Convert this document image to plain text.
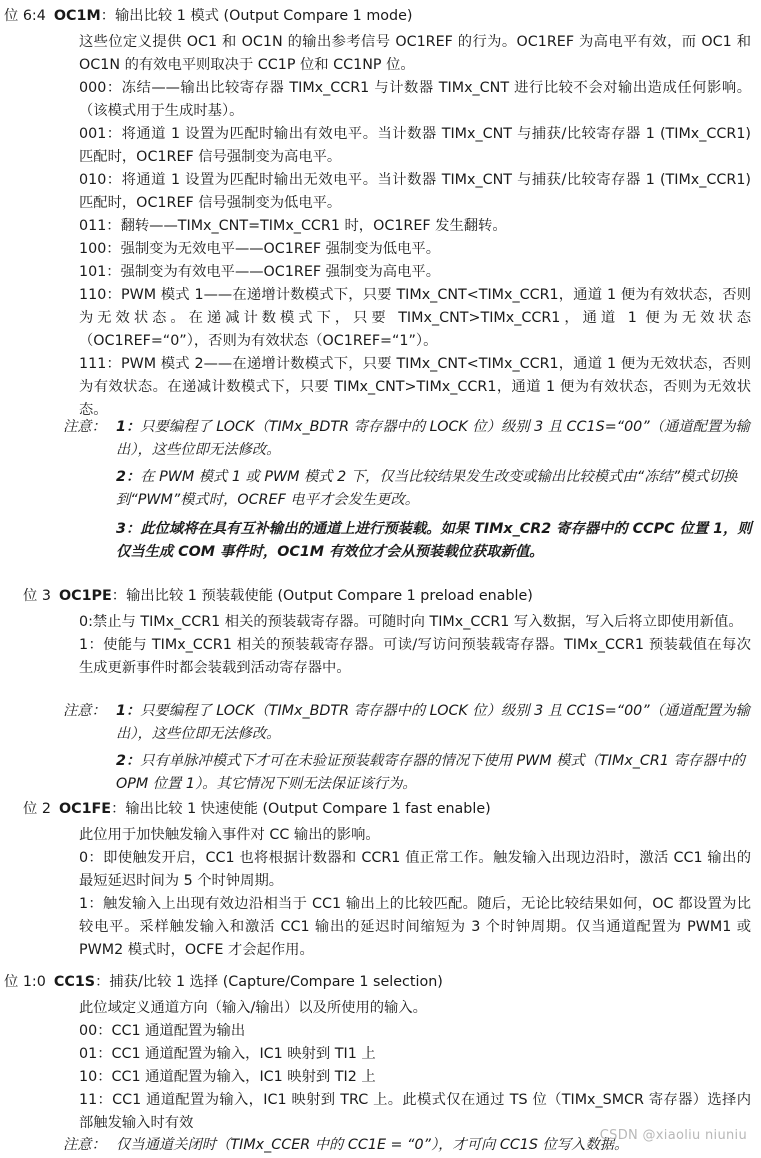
位 6:4 OC1M：输出比较 1 模式 (Output Compare 1 mode)

这些位定义提供 OC1 和 OC1N 的输出参考信号 OC1REF 的行为。OC1REF 为高电平有效，而 OC1 和 OC1N 的有效电平则取决于 CC1P 位和 CC1NP 位。

000：冻结——输出比较寄存器 TIMx_CCR1 与计数器 TIMx_CNT 进行比较不会对输出造成任何影响。（该模式用于生成时基）。

001：将通道 1 设置为匹配时输出有效电平。当计数器 TIMx_CNT 与捕获/比较寄存器 1 (TIMx_CCR1) 匹配时，OC1REF 信号强制变为高电平。

010：将通道 1 设置为匹配时输出无效电平。当计数器 TIMx_CNT 与捕获/比较寄存器 1 (TIMx_CCR1) 匹配时，OC1REF 信号强制变为低电平。

011：翻转——TIMx_CNT=TIMx_CCR1 时，OC1REF 发生翻转。

100：强制变为无效电平——OC1REF 强制变为低电平。

101：强制变为有效电平——OC1REF 强制变为高电平。

110：PWM 模式 1——在递增计数模式下，只要 TIMx_CNT<TIMx_CCR1，通道 1 便为有效状态，否则为无效状态。在递减计数模式下，只要 TIMx_CNT>TIMx_CCR1，通道 1 便为无效状态（OC1REF=“0”），否则为有效状态（OC1REF=“1”）。

111：PWM 模式 2——在递增计数模式下，只要 TIMx_CNT<TIMx_CCR1，通道 1 便为无效状态，否则为有效状态。在递减计数模式下，只要 TIMx_CNT>TIMx_CCR1，通道 1 便为有效状态，否则为无效状态。

注意： 1：只要编程了 LOCK（TIMx_BDTR 寄存器中的 LOCK 位）级别 3 且 CC1S=“00”（通道配置为输出），这些位即无法修改。
2：在 PWM 模式 1 或 PWM 模式 2 下，仅当比较结果发生改变或输出比较模式由“冻结”模式切换到“PWM”模式时，OCREF 电平才会发生更改。
3：此位域将在具有互补输出的通道上进行预装载。如果 TIMx_CR2 寄存器中的 CCPC 位置 1，则仅当生成 COM 事件时，OC1M 有效位才会从预装载位获取新值。
位 3 OC1PE：输出比较 1 预装载使能 (Output Compare 1 preload enable)

0:禁止与 TIMx_CCR1 相关的预装载寄存器。可随时向 TIMx_CCR1 写入数据，写入后将立即使用新值。

1：使能与 TIMx_CCR1 相关的预装载寄存器。可读/写访问预装载寄存器。TIMx_CCR1 预装载值在每次生成更新事件时都会装载到活动寄存器中。

注意： 1：只要编程了 LOCK（TIMx_BDTR 寄存器中的 LOCK 位）级别 3 且 CC1S=“00”（通道配置为输出），这些位即无法修改。
2：只有单脉冲模式下才可在未验证预装载寄存器的情况下使用 PWM 模式（TIMx_CR1 寄存器中的 OPM 位置 1）。其它情况下则无法保证该行为。
位 2 OC1FE：输出比较 1 快速使能 (Output Compare 1 fast enable)

此位用于加快触发输入事件对 CC 输出的影响。

0：即使触发开启，CC1 也将根据计数器和 CCR1 值正常工作。触发输入出现边沿时，激活 CC1 输出的最短延迟时间为 5 个时钟周期。

1：触发输入上出现有效边沿相当于 CC1 输出上的比较匹配。随后，无论比较结果如何，OC 都设置为比较电平。采样触发输入和激活 CC1 输出的延迟时间缩短为 3 个时钟周期。仅当通道配置为 PWM1 或 PWM2 模式时，OCFE 才会起作用。

位 1:0 CC1S：捕获/比较 1 选择 (Capture/Compare 1 selection)

此位域定义通道方向（输入/输出）以及所使用的输入。

00：CC1 通道配置为输出

01：CC1 通道配置为输入，IC1 映射到 TI1 上

10：CC1 通道配置为输入，IC1 映射到 TI2 上

11：CC1 通道配置为输入，IC1 映射到 TRC 上。此模式仅在通过 TS 位（TIMx_SMCR 寄存器）选择内部触发输入时有效

注意： 仅当通道关闭时（TIMx_CCER 中的 CC1E = “0”），才可向 CC1S 位写入数据。
CSDN @xiaoliu niuniu
